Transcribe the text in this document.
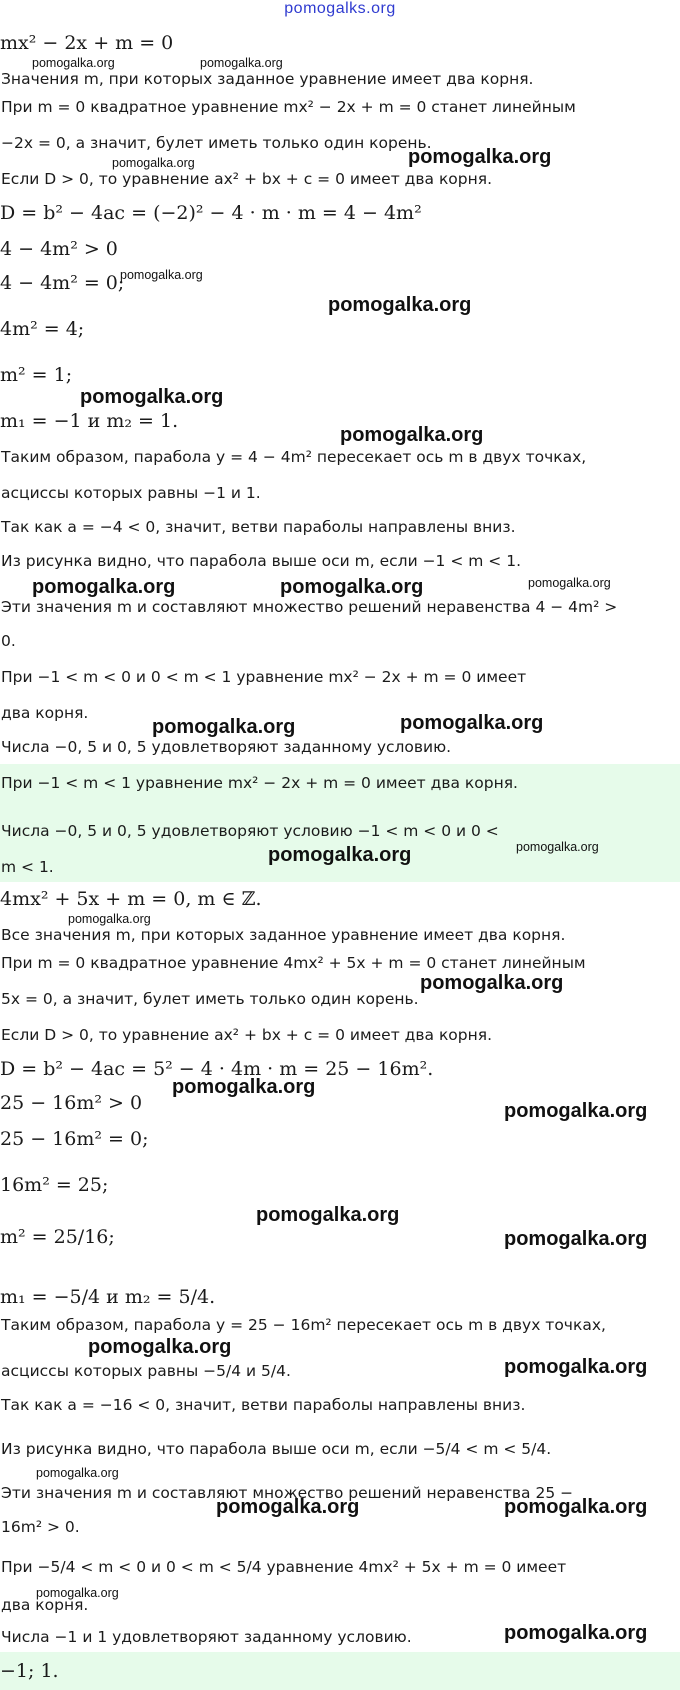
pomogalks.org
mx² − 2x + m = 0
Значения m, при которых заданное уравнение имеет два корня.
При m = 0 квадратное уравнение mx² − 2x + m = 0 станет линейным
−2x = 0, а значит, булет иметь только один корень.
Если D > 0, то уравнение ax² + bx + c = 0 имеет два корня.
D = b² − 4ac = (−2)² − 4 · m · m = 4 − 4m²
4 − 4m² > 0
4 − 4m² = 0;
4m² = 4;
m² = 1;
m₁ = −1 и m₂ = 1.
Таким образом, парабола y = 4 − 4m² пересекает ось m в двух точках,
асциссы которых равны −1 и 1.
Так как a = −4 < 0, значит, ветви параболы направлены вниз.
Из рисунка видно, что парабола выше оси m, если −1 < m < 1.
Эти значения m и составляют множество решений неравенства 4 − 4m² >
0.
При −1 < m < 0 и 0 < m < 1 уравнение mx² − 2x + m = 0 имеет
два корня.
Числа −0, 5 и 0, 5 удовлетворяют заданному условию.
При −1 < m < 1 уравнение mx² − 2x + m = 0 имеет два корня.
Числа −0, 5 и 0, 5 удовлетворяют условию −1 < m < 0 и 0 <
m < 1.
4mx² + 5x + m = 0, m ∈ ℤ.
Все значения m, при которых заданное уравнение имеет два корня.
При m = 0 квадратное уравнение 4mx² + 5x + m = 0 станет линейным
5x = 0, а значит, булет иметь только один корень.
Если D > 0, то уравнение ax² + bx + c = 0 имеет два корня.
D = b² − 4ac = 5² − 4 · 4m · m = 25 − 16m².
25 − 16m² > 0
25 − 16m² = 0;
16m² = 25;
m² = 25/16;
m₁ = −5/4 и m₂ = 5/4.
Таким образом, парабола y = 25 − 16m² пересекает ось m в двух точках,
асциссы которых равны −5/4 и 5/4.
Так как a = −16 < 0, значит, ветви параболы направлены вниз.
Из рисунка видно, что парабола выше оси m, если −5/4 < m < 5/4.
Эти значения m и составляют множество решений неравенства 25 −
16m² > 0.
При −5/4 < m < 0 и 0 < m < 5/4 уравнение 4mx² + 5x + m = 0 имеет
два корня.
Числа −1 и 1 удовлетворяют заданному условию.
−1; 1.
pomogalka.org	pomogalka.org
pomogalka.org	pomogalka.org
pomogalka.org
pomogalka.org
pomogalka.org
pomogalka.org
pomogalka.org	pomogalka.org	pomogalka.org
pomogalka.org	pomogalka.org
pomogalka.org	pomogalka.org
pomogalka.org
pomogalka.org
pomogalka.org
pomogalka.org
pomogalka.org
pomogalka.org
pomogalka.org
pomogalka.org
pomogalka.org
pomogalka.org	pomogalka.org
pomogalka.org
pomogalka.org
